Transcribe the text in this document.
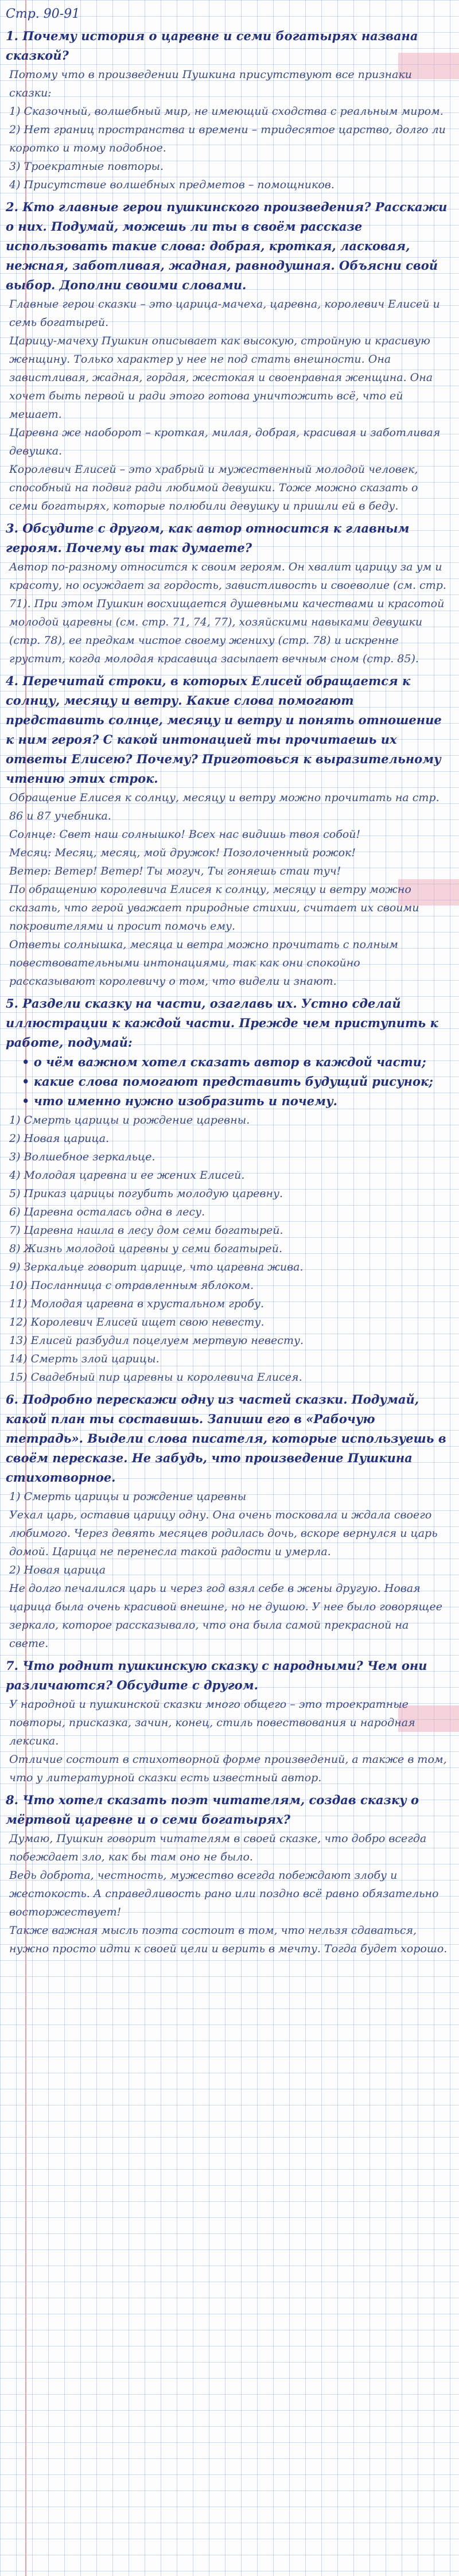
Стр. 90-91

1. Почему история о царевне и семи богатырях названа сказкой?

Потому что в произведении Пушкина присутствуют все признаки сказки:

1) Сказочный, волшебный мир, не имеющий сходства с реальным миром.

2) Нет границ пространства и времени – тридесятое царство, долго ли коротко и тому подобное.

3) Троекратные повторы.

4) Присутствие волшебных предметов – помощников.

2. Кто главные герои пушкинского произведения? Расскажи о них. Подумай, можешь ли ты в своём рассказе использовать такие слова: добрая, кроткая, ласковая, нежная, заботливая, жадная, равнодушная. Объясни свой выбор. Дополни своими словами.

Главные герои сказки – это царица-мачеха, царевна, королевич Елисей и семь богатырей.

Царицу-мачеху Пушкин описывает как высокую, стройную и красивую женщину. Только характер у нее не под стать внешности. Она завистливая, жадная, гордая, жестокая и своенравная женщина. Она хочет быть первой и ради этого готова уничтожить всё, что ей мешает.

Царевна же наоборот – кроткая, милая, добрая, красивая и заботливая девушка.

Королевич Елисей – это храбрый и мужественный молодой человек, способный на подвиг ради любимой девушки. Тоже можно сказать о семи богатырях, которые полюбили девушку и пришли ей в беду.

3. Обсудите с другом, как автор относится к главным героям. Почему вы так думаете?

Автор по-разному относится к своим героям. Он хвалит царицу за ум и красоту, но осуждает за гордость, завистливость и своеволие (см. стр. 71). При этом Пушкин восхищается душевными качествами и красотой молодой царевны (см. стр. 71, 74, 77), хозяйскими навыками девушки (стр. 78), ее предкам чистое своему жениху (стр. 78) и искренне грустит, когда молодая красавица засыпает вечным сном (стр. 85).

4. Перечитай строки, в которых Елисей обращается к солнцу, месяцу и ветру. Какие слова помогают представить солнце, месяцу и ветру и понять отношение к ним героя? С какой интонацией ты прочитаешь их ответы Елисею? Почему? Приготовься к выразительному чтению этих строк.

Обращение Елисея к солнцу, месяцу и ветру можно прочитать на стр. 86 и 87 учебника.

Солнце: Свет наш солнышко! Всех нас видишь твоя собой!

Месяц: Месяц, месяц, мой дружок! Позолоченный рожок!

Ветер: Ветер! Ветер! Ты могуч, Ты гоняешь стаи туч!

По обращению королевича Елисея к солнцу, месяцу и ветру можно сказать, что герой уважает природные стихии, считает их своими покровителями и просит помочь ему.

Ответы солнышка, месяца и ветра можно прочитать с полным повествовательными интонациями, так как они спокойно рассказывают королевичу о том, что видели и знают.

5. Раздели сказку на части, озаглавь их. Устно сделай иллюстрации к каждой части. Прежде чем приступить к работе, подумай:

• о чём важном хотел сказать автор в каждой части;

• какие слова помогают представить будущий рисунок;

• что именно нужно изобразить и почему.

1) Смерть царицы и рождение царевны.

2) Новая царица.

3) Волшебное зеркальце.

4) Молодая царевна и ее жених Елисей.

5) Приказ царицы погубить молодую царевну.

6) Царевна осталась одна в лесу.

7) Царевна нашла в лесу дом семи богатырей.

8) Жизнь молодой царевны у семи богатырей.

9) Зеркальце говорит царице, что царевна жива.

10) Посланница с отравленным яблоком.

11) Молодая царевна в хрустальном гробу.

12) Королевич Елисей ищет свою невесту.

13) Елисей разбудил поцелуем мертвую невесту.

14) Смерть злой царицы.

15) Свадебный пир царевны и королевича Елисея.

6. Подробно перескажи одну из частей сказки. Подумай, какой план ты составишь. Запиши его в «Рабочую тетрадь». Выдели слова писателя, которые используешь в своём пересказе. Не забудь, что произведение Пушкина стихотворное.

1) Смерть царицы и рождение царевны

Уехал царь, оставив царицу одну. Она очень тосковала и ждала своего любимого. Через девять месяцев родилась дочь, вскоре вернулся и царь домой. Царица не перенесла такой радости и умерла.

2) Новая царица

Не долго печалился царь и через год взял себе в жены другую. Новая царица была очень красивой внешне, но не душою. У нее было говорящее зеркало, которое рассказывало, что она была самой прекрасной на свете.

7. Что роднит пушкинскую сказку с народными? Чем они различаются? Обсудите с другом.

У народной и пушкинской сказки много общего – это троекратные повторы, присказка, зачин, конец, стиль повествования и народная лексика.

Отличие состоит в стихотворной форме произведений, а также в том, что у литературной сказки есть известный автор.

8. Что хотел сказать поэт читателям, создав сказку о мёртвой царевне и о семи богатырях?

Думаю, Пушкин говорит читателям в своей сказке, что добро всегда побеждает зло, как бы там оно не было.

Ведь доброта, честность, мужество всегда побеждают злобу и жестокость. А справедливость рано или поздно всё равно обязательно восторжествует!

Также важная мысль поэта состоит в том, что нельзя сдаваться, нужно просто идти к своей цели и верить в мечту. Тогда будет хорошо.
